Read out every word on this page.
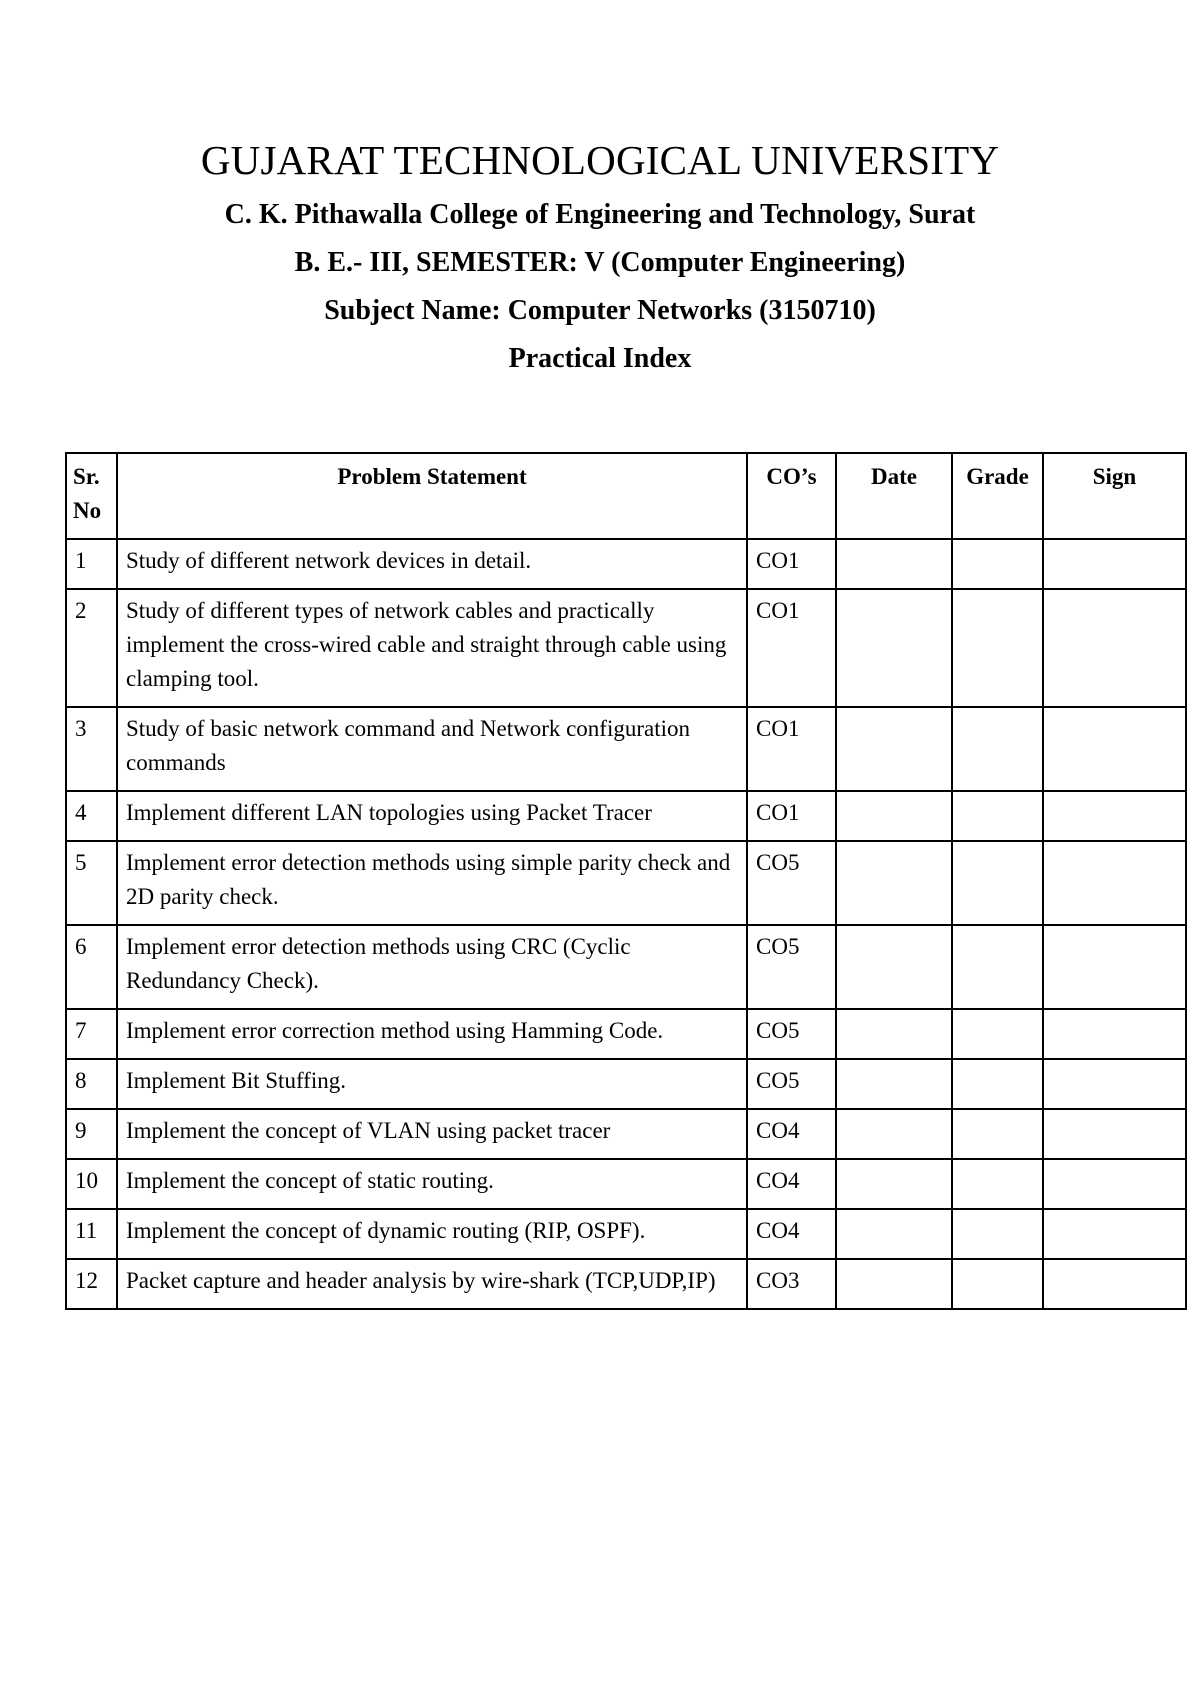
GUJARAT TECHNOLOGICAL UNIVERSITY
C. K. Pithawalla College of Engineering and Technology, Surat
B. E.- III, SEMESTER: V (Computer Engineering)
Subject Name: Computer Networks (3150710)
Practical Index
Sr. No	Problem Statement	CO’s	Date	Grade	Sign
1	Study of different network devices in detail.	CO1			
2	Study of different types of network cables and practically implement the cross-wired cable and straight through cable using clamping tool.	CO1			
3	Study of basic network command and Network configuration commands	CO1			
4	Implement different LAN topologies using Packet Tracer	CO1			
5	Implement error detection methods using simple parity check and 2D parity check.	CO5			
6	Implement error detection methods using CRC (Cyclic Redundancy Check).	CO5			
7	Implement error correction method using Hamming Code.	CO5			
8	Implement Bit Stuffing.	CO5			
9	Implement the concept of VLAN using packet tracer	CO4			
10	Implement the concept of static routing.	CO4			
11	Implement the concept of dynamic routing (RIP, OSPF).	CO4			
12	Packet capture and header analysis by wire-shark (TCP,UDP,IP)	CO3			
